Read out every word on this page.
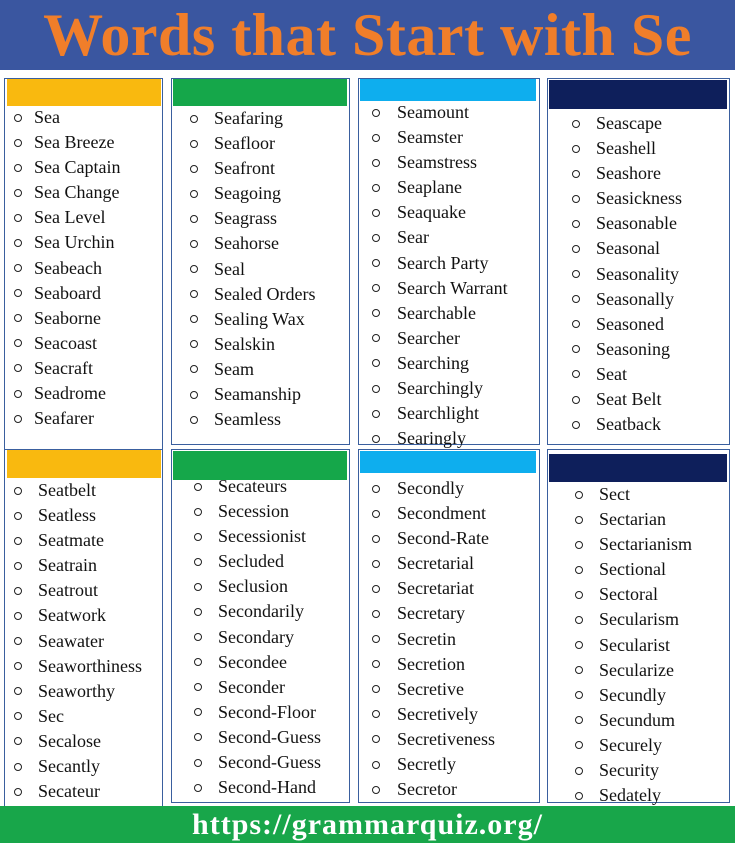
Words that Start with Se
Sea
Sea Breeze
Sea Captain
Sea Change
Sea Level
Sea Urchin
Seabeach
Seaboard
Seaborne
Seacoast
Seacraft
Seadrome
Seafarer
Seafaring
Seafloor
Seafront
Seagoing
Seagrass
Seahorse
Seal
Sealed Orders
Sealing Wax
Sealskin
Seam
Seamanship
Seamless
Seamount
Seamster
Seamstress
Seaplane
Seaquake
Sear
Search Party
Search Warrant
Searchable
Searcher
Searching
Searchingly
Searchlight
Searingly
Seascape
Seashell
Seashore
Seasickness
Seasonable
Seasonal
Seasonality
Seasonally
Seasoned
Seasoning
Seat
Seat Belt
Seatback
Seatbelt
Seatless
Seatmate
Seatrain
Seatrout
Seatwork
Seawater
Seaworthiness
Seaworthy
Sec
Secalose
Secantly
Secateur
Secateurs
Secession
Secessionist
Secluded
Seclusion
Secondarily
Secondary
Secondee
Seconder
Second-Floor
Second-Guess
Second-Guess
Second-Hand
Secondly
Secondment
Second-Rate
Secretarial
Secretariat
Secretary
Secretin
Secretion
Secretive
Secretively
Secretiveness
Secretly
Secretor
Sect
Sectarian
Sectarianism
Sectional
Sectoral
Secularism
Secularist
Secularize
Secundly
Secundum
Securely
Security
Sedately
https://grammarquiz.org/
